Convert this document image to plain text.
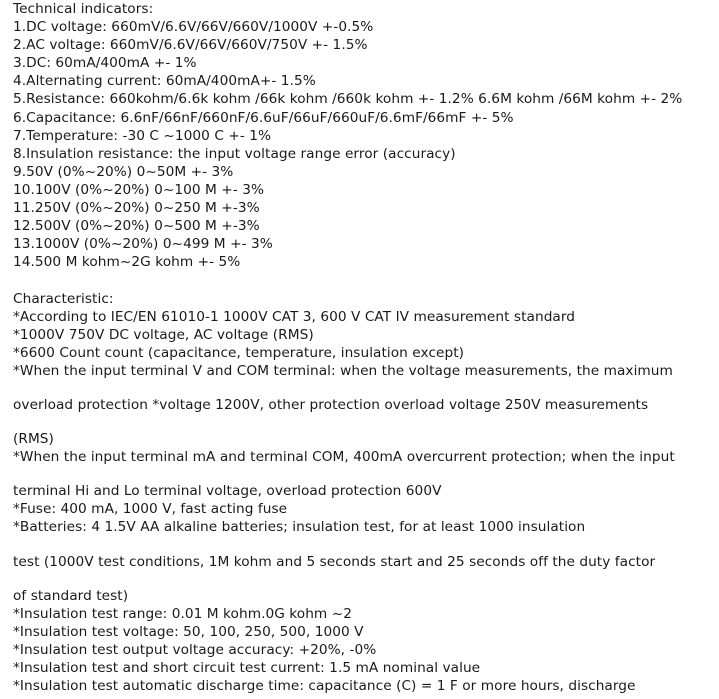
Technical indicators:
1.DC voltage: 660mV/6.6V/66V/660V/1000V +-0.5%
2.AC voltage: 660mV/6.6V/66V/660V/750V +- 1.5%
3.DC: 60mA/400mA +- 1%
4.Alternating current: 60mA/400mA+- 1.5%
5.Resistance: 660kohm/6.6k kohm /66k kohm /660k kohm +- 1.2% 6.6M kohm /66M kohm +- 2%
6.Capacitance: 6.6nF/66nF/660nF/6.6uF/66uF/660uF/6.6mF/66mF +- 5%
7.Temperature: -30 C ~1000 C +- 1%
8.Insulation resistance: the input voltage range error (accuracy)
9.50V (0%~20%) 0~50M +- 3%
10.100V (0%~20%) 0~100 M +- 3%
11.250V (0%~20%) 0~250 M +-3%
12.500V (0%~20%) 0~500 M +-3%
13.1000V (0%~20%) 0~499 M +- 3%
14.500 M kohm~2G kohm +- 5%
Characteristic:
*According to IEC/EN 61010-1 1000V CAT 3, 600 V CAT IV measurement standard
*1000V 750V DC voltage, AC voltage (RMS)
*6600 Count count (capacitance, temperature, insulation except)
*When the input terminal V and COM terminal: when the voltage measurements, the maximum
overload protection *voltage 1200V, other protection overload voltage 250V measurements
(RMS)
*When the input terminal mA and terminal COM, 400mA overcurrent protection; when the input
terminal Hi and Lo terminal voltage, overload protection 600V
*Fuse: 400 mA, 1000 V, fast acting fuse
*Batteries: 4 1.5V AA alkaline batteries; insulation test, for at least 1000 insulation
test (1000V test conditions, 1M kohm and 5 seconds start and 25 seconds off the duty factor
of standard test)
*Insulation test range: 0.01 M kohm.0G kohm ~2
*Insulation test voltage: 50, 100, 250, 500, 1000 V
*Insulation test output voltage accuracy: +20%, -0%
*Insulation test and short circuit test current: 1.5 mA nominal value
*Insulation test automatic discharge time: capacitance (C) = 1 F or more hours, discharge
